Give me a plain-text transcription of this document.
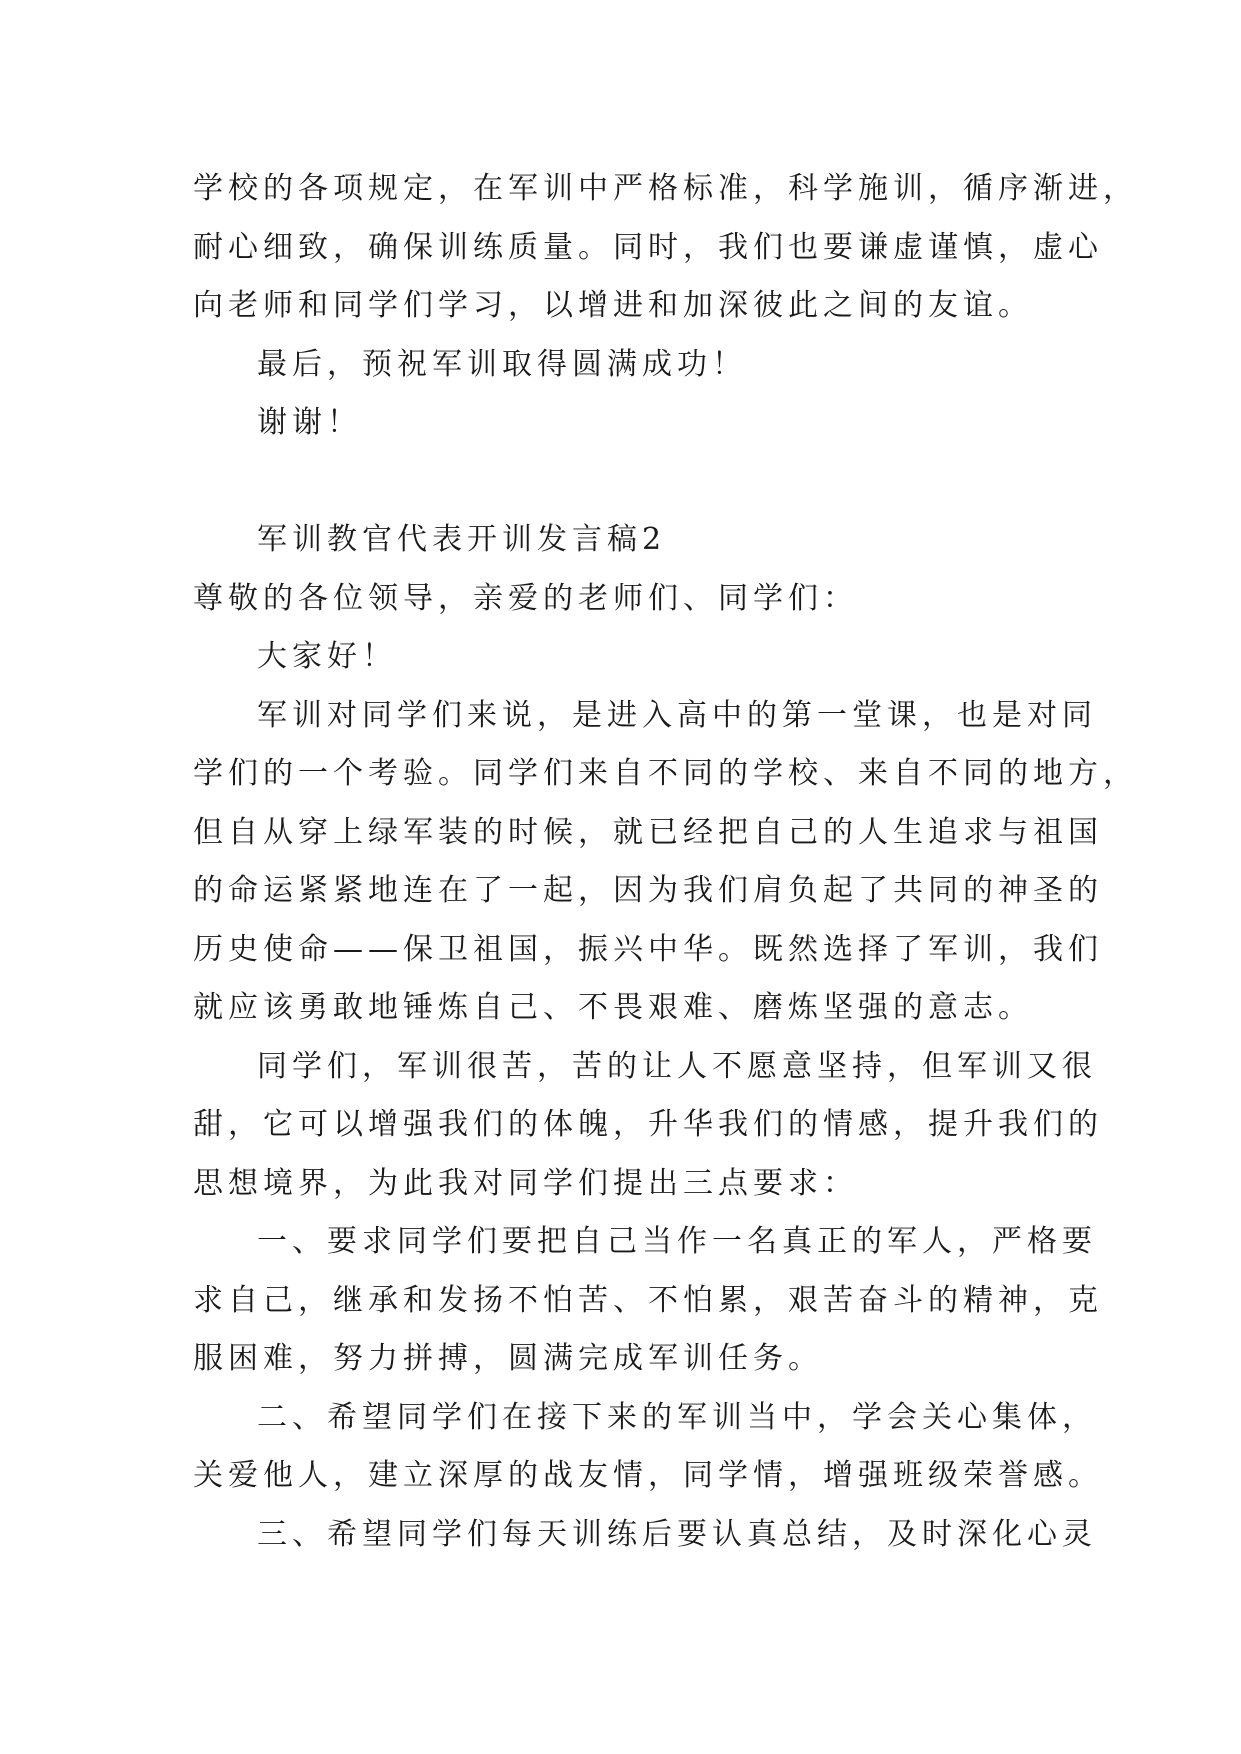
学校的各项规定，在军训中严格标准，科学施训，循序渐进，
耐心细致，确保训练质量。同时，我们也要谦虚谨慎，虚心
向老师和同学们学习，以增进和加深彼此之间的友谊。
最后，预祝军训取得圆满成功！
谢谢！
军训教官代表开训发言稿2
尊敬的各位领导，亲爱的老师们、同学们：
大家好！
军训对同学们来说，是进入高中的第一堂课，也是对同
学们的一个考验。同学们来自不同的学校、来自不同的地方，
但自从穿上绿军装的时候，就已经把自己的人生追求与祖国
的命运紧紧地连在了一起，因为我们肩负起了共同的神圣的
历史使命——保卫祖国，振兴中华。既然选择了军训，我们
就应该勇敢地锤炼自己、不畏艰难、磨炼坚强的意志。
同学们，军训很苦，苦的让人不愿意坚持，但军训又很
甜，它可以增强我们的体魄，升华我们的情感，提升我们的
思想境界，为此我对同学们提出三点要求：
一、要求同学们要把自己当作一名真正的军人，严格要
求自己，继承和发扬不怕苦、不怕累，艰苦奋斗的精神，克
服困难，努力拼搏，圆满完成军训任务。
二、希望同学们在接下来的军训当中，学会关心集体，
关爱他人，建立深厚的战友情，同学情，增强班级荣誉感。
三、希望同学们每天训练后要认真总结，及时深化心灵
